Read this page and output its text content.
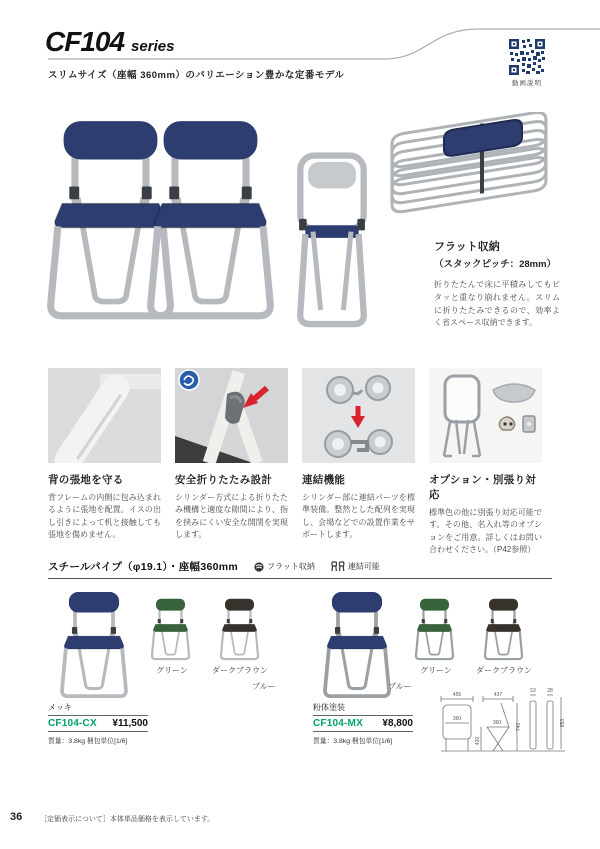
CF104 series
スリムサイズ（座幅 360mm）のバリエーション豊かな定番モデル
動画説明
フラット収納
（スタックピッチ：28mm）
折りたたんで床に平積みしてもピタッと重なり崩れません。スリムに折りたたみできるので、効率よく省スペース収納できます。
背の張地を守る
背フレームの内側に包み込まれるように張地を配置。イスの出し引きによって机と接触しても張地を傷めません。
安全折りたたみ設計
シリンダー方式による折りたたみ機構と適度な隙間により、指を挟みにくい安全な開閉を実現します。
連結機能
シリンダー部に連結パーツを標準装備。整然とした配列を実現し、会場などでの設置作業をサポートします。
オプション・別張り対応
標準色の他に別張り対応可能です。その他、名入れ等のオプションをご用意。詳しくはお問い合わせください。（P42参照）
スチールパイプ（φ19.1）・座幅360mm	フラット収納	連結可能
グリーン	ダークブラウン
ブルー
メッキ
CF104-CX ¥11,500
質量：3.8kg 梱包単位[1/6]
グリーン	ダークブラウン
ブルー
粉体塗装
CF104-MX ¥8,800
質量：3.8kg 梱包単位[1/6]
455
360
437
360
420
740
53 28
853
36	［定価表示について］本体単品価格を表示しています。
